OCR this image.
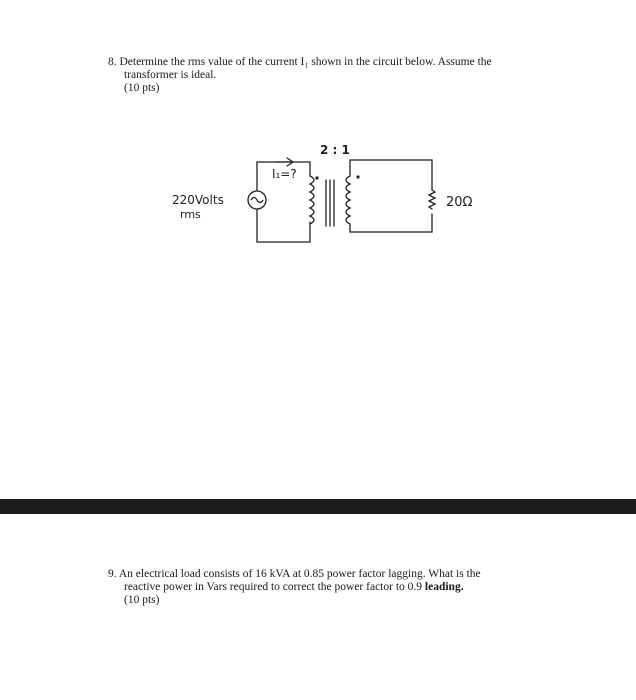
8. Determine the rms value of the current I₁ shown in the circuit below. Assume the
transformer is ideal.
(10 pts)
2 : 1
I₁=?
220Volts
rms
20Ω
9. An electrical load consists of 16 kVA at 0.85 power factor lagging. What is the
reactive power in Vars required to correct the power factor to 0.9 leading.
(10 pts)
